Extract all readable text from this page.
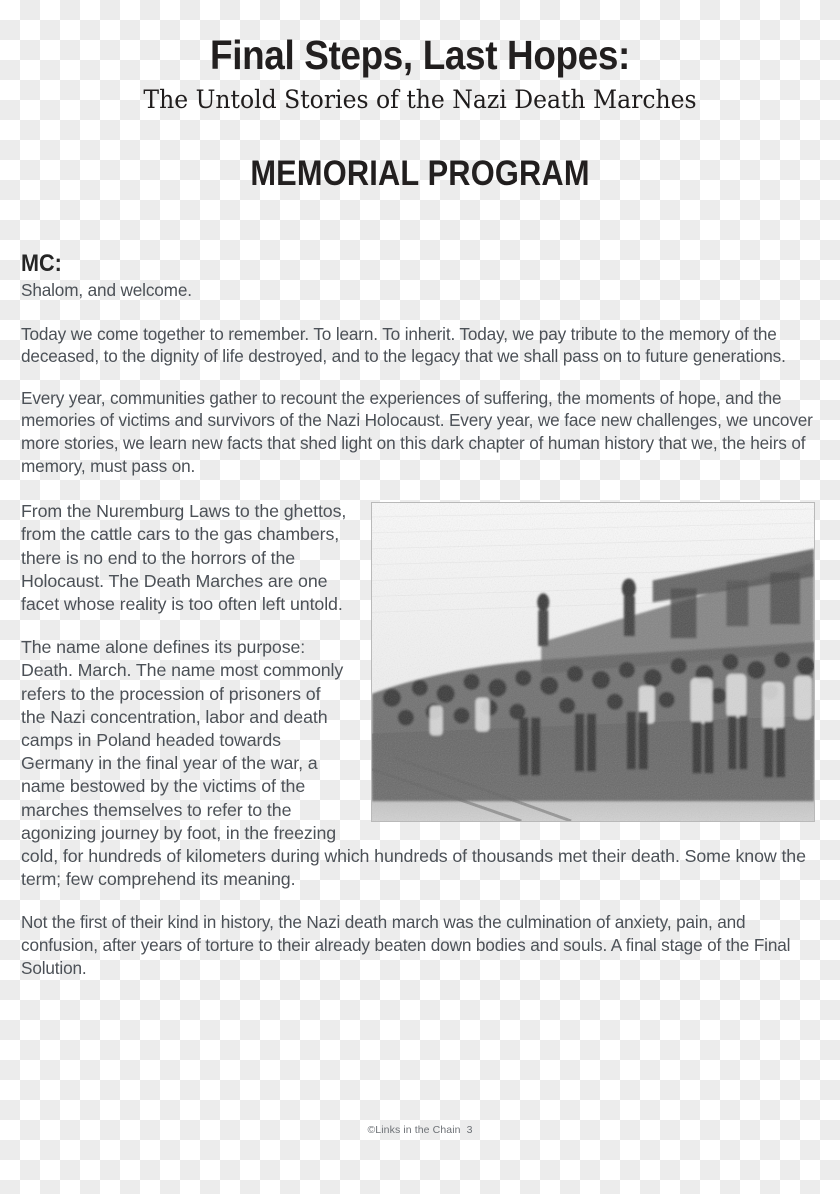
Final Steps, Last Hopes:
The Untold Stories of the Nazi Death Marches
MEMORIAL PROGRAM
MC:

Shalom, and welcome.

Today we come together to remember. To learn. To inherit. Today, we pay tribute to the memory of the deceased, to the dignity of life destroyed, and to the legacy that we shall pass on to future generations.

Every year, communities gather to recount the experiences of suffering, the moments of hope, and the memories of victims and survivors of the Nazi Holocaust. Every year, we face new challenges, we uncover more stories, we learn new facts that shed light on this dark chapter of human history that we, the heirs of memory, must pass on.

From the Nuremburg Laws to the ghettos, from the cattle cars to the gas chambers, there is no end to the horrors of the Holocaust. The Death Marches are one facet whose reality is too often left untold.

The name alone defines its purpose: Death. March. The name most commonly refers to the procession of prisoners of the Nazi concentration, labor and death camps in Poland headed towards Germany in the final year of the war, a name bestowed by the victims of the marches themselves to refer to the agonizing journey by foot, in the freezing cold, for hundreds of kilometers during which hundreds of thousands met their death. Some know the term; few comprehend its meaning.

Not the first of their kind in history, the Nazi death march was the culmination of anxiety, pain, and confusion, after years of torture to their already beaten down bodies and souls. A final stage of the Final Solution.

©Links in the Chain 3
